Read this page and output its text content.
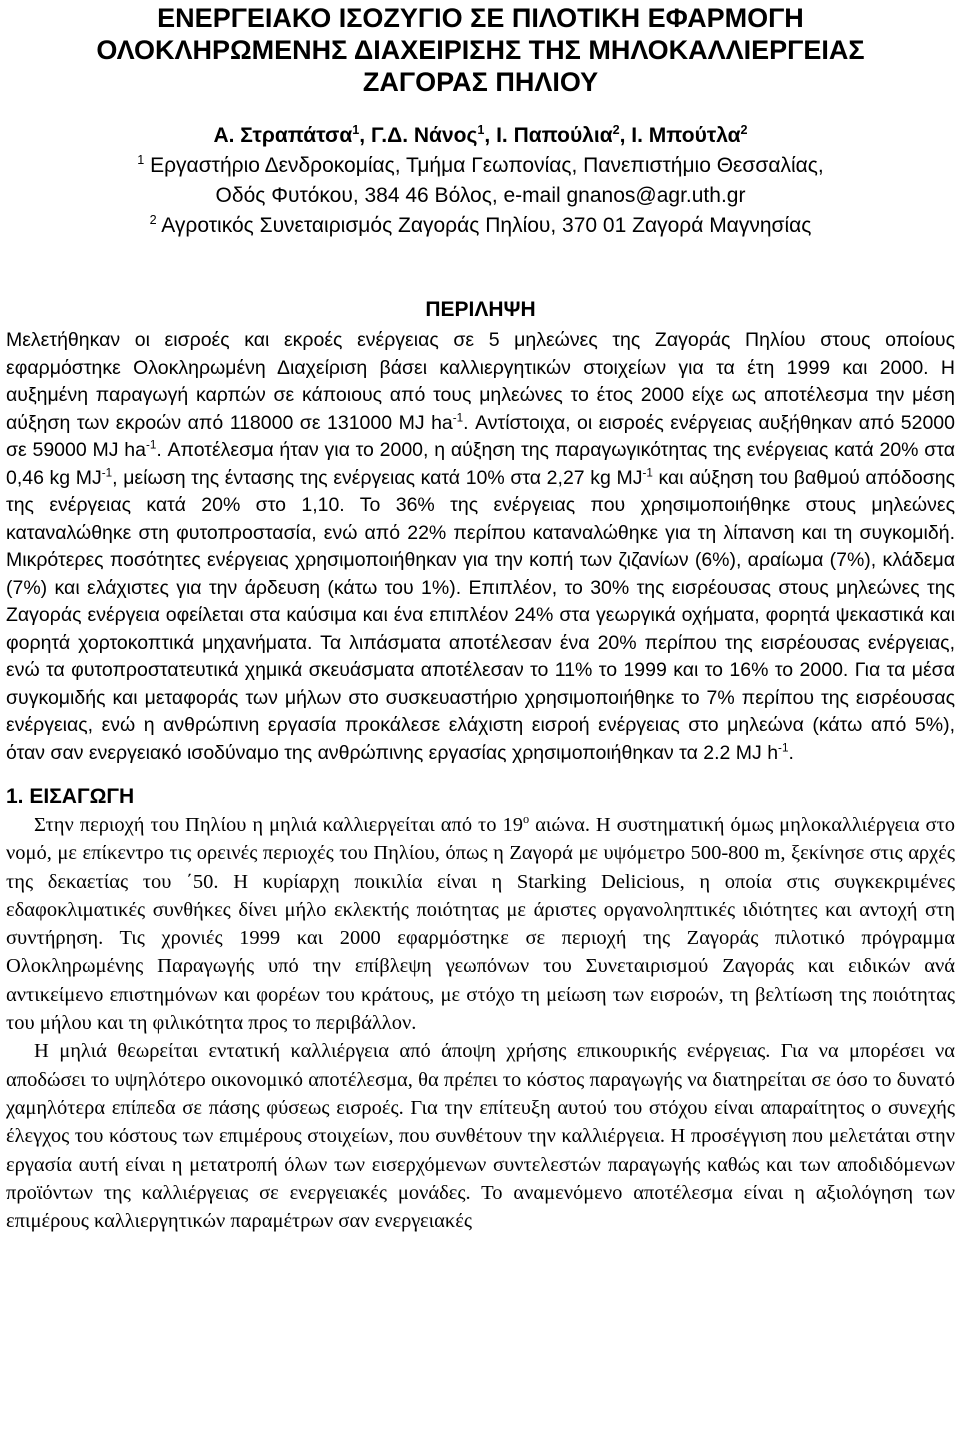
ΕΝΕΡΓΕΙΑΚΟ ΙΣΟΖΥΓΙΟ ΣΕ ΠΙΛΟΤΙΚΗ ΕΦΑΡΜΟΓΗ
ΟΛΟΚΛΗΡΩΜΕΝΗΣ ΔΙΑΧΕΙΡΙΣΗΣ ΤΗΣ ΜΗΛΟΚΑΛΛΙΕΡΓΕΙΑΣ
ΖΑΓΟΡΑΣ ΠΗΛΙΟΥ
Α. Στραπάτσα$^1$, Γ.Δ. Νάνος$^1$, Ι. Παπούλια$^2$, Ι. Μπούτλα$^2$
$^1$ Εργαστήριο Δενδροκομίας, Τμήμα Γεωπονίας, Πανεπιστήμιο Θεσσαλίας,
Οδός Φυτόκου, 384 46 Βόλος, e-mail gnanos@agr.uth.gr
$^2$ Αγροτικός Συνεταιρισμός Ζαγοράς Πηλίου, 370 01 Ζαγορά Μαγνησίας
ΠΕΡΙΛΗΨΗ

Μελετήθηκαν οι εισροές και εκροές ενέργειας σε 5 μηλεώνες της Ζαγοράς Πηλίου στους οποίους εφαρμόστηκε Ολοκληρωμένη Διαχείριση βάσει καλλιεργητικών στοιχείων για τα έτη 1999 και 2000. Η αυξημένη παραγωγή καρπών σε κάποιους από τους μηλεώνες το έτος 2000 είχε ως αποτέλεσμα την μέση αύξηση των εκροών από 118000 σε 131000 MJ $ha^{-1}$. Αντίστοιχα, οι εισροές ενέργειας αυξήθηκαν από 52000 σε 59000 MJ $ha^{-1}$. Αποτέλεσμα ήταν για το 2000, η αύξηση της παραγωγικότητας της ενέργειας κατά 20% στα 0,46 kg $MJ^{-1}$, μείωση της έντασης της ενέργειας κατά 10% στα 2,27 kg $MJ^{-1}$ και αύξηση του βαθμού απόδοσης της ενέργειας κατά 20% στο 1,10. Το 36% της ενέργειας που χρησιμοποιήθηκε στους μηλεώνες καταναλώθηκε στη φυτοπροστασία, ενώ από 22% περίπου καταναλώθηκε για τη λίπανση και τη συγκομιδή. Μικρότερες ποσότητες ενέργειας χρησιμοποιήθηκαν για την κοπή των ζιζανίων (6%), αραίωμα (7%), κλάδεμα (7%) και ελάχιστες για την άρδευση (κάτω του 1%). Επιπλέον, το 30% της εισρέουσας στους μηλεώνες της Ζαγοράς ενέργεια οφείλεται στα καύσιμα και ένα επιπλέον 24% στα γεωργικά οχήματα, φορητά ψεκαστικά και φορητά χορτοκοπτικά μηχανήματα. Τα λιπάσματα αποτέλεσαν ένα 20% περίπου της εισρέουσας ενέργειας, ενώ τα φυτοπροστατευτικά χημικά σκευάσματα αποτέλεσαν το 11% το 1999 και το 16% το 2000. Για τα μέσα συγκομιδής και μεταφοράς των μήλων στο συσκευαστήριο χρησιμοποιήθηκε το 7% περίπου της εισρέουσας ενέργειας, ενώ η ανθρώπινη εργασία προκάλεσε ελάχιστη εισροή ενέργειας στο μηλεώνα (κάτω από 5%), όταν σαν ενεργειακό ισοδύναμο της ανθρώπινης εργασίας χρησιμοποιήθηκαν τα 2.2 MJ $h^{-1}$.

1. ΕΙΣΑΓΩΓΗ

Στην περιοχή του Πηλίου η μηλιά καλλιεργείται από το $19^o$ αιώνα. Η συστηματική όμως μηλοκαλλιέργεια στο νομό, με επίκεντρο τις ορεινές περιοχές του Πηλίου, όπως η Ζαγορά με υψόμετρο 500-800 m, ξεκίνησε στις αρχές της δεκαετίας του ΄50. Η κυρίαρχη ποικιλία είναι η Starking Delicious, η οποία στις συγκεκριμένες εδαφοκλιματικές συνθήκες δίνει μήλο εκλεκτής ποιότητας με άριστες οργανοληπτικές ιδιότητες και αντοχή στη συντήρηση. Τις χρονιές 1999 και 2000 εφαρμόστηκε σε περιοχή της Ζαγοράς πιλοτικό πρόγραμμα Ολοκληρωμένης Παραγωγής υπό την επίβλεψη γεωπόνων του Συνεταιρισμού Ζαγοράς και ειδικών ανά αντικείμενο επιστημόνων και φορέων του κράτους, με στόχο τη μείωση των εισροών, τη βελτίωση της ποιότητας του μήλου και τη φιλικότητα προς το περιβάλλον.

Η μηλιά θεωρείται εντατική καλλιέργεια από άποψη χρήσης επικουρικής ενέργειας. Για να μπορέσει να αποδώσει το υψηλότερο οικονομικό αποτέλεσμα, θα πρέπει το κόστος παραγωγής να διατηρείται σε όσο το δυνατό χαμηλότερα επίπεδα σε πάσης φύσεως εισροές. Για την επίτευξη αυτού του στόχου είναι απαραίτητος ο συνεχής έλεγχος του κόστους των επιμέρους στοιχείων, που συνθέτουν την καλλιέργεια. Η προσέγγιση που μελετάται στην εργασία αυτή είναι η μετατροπή όλων των εισερχόμενων συντελεστών παραγωγής καθώς και των αποδιδόμενων προϊόντων της καλλιέργειας σε ενεργειακές μονάδες. Το αναμενόμενο αποτέλεσμα είναι η αξιολόγηση των επιμέρους καλλιεργητικών παραμέτρων σαν ενεργειακές
